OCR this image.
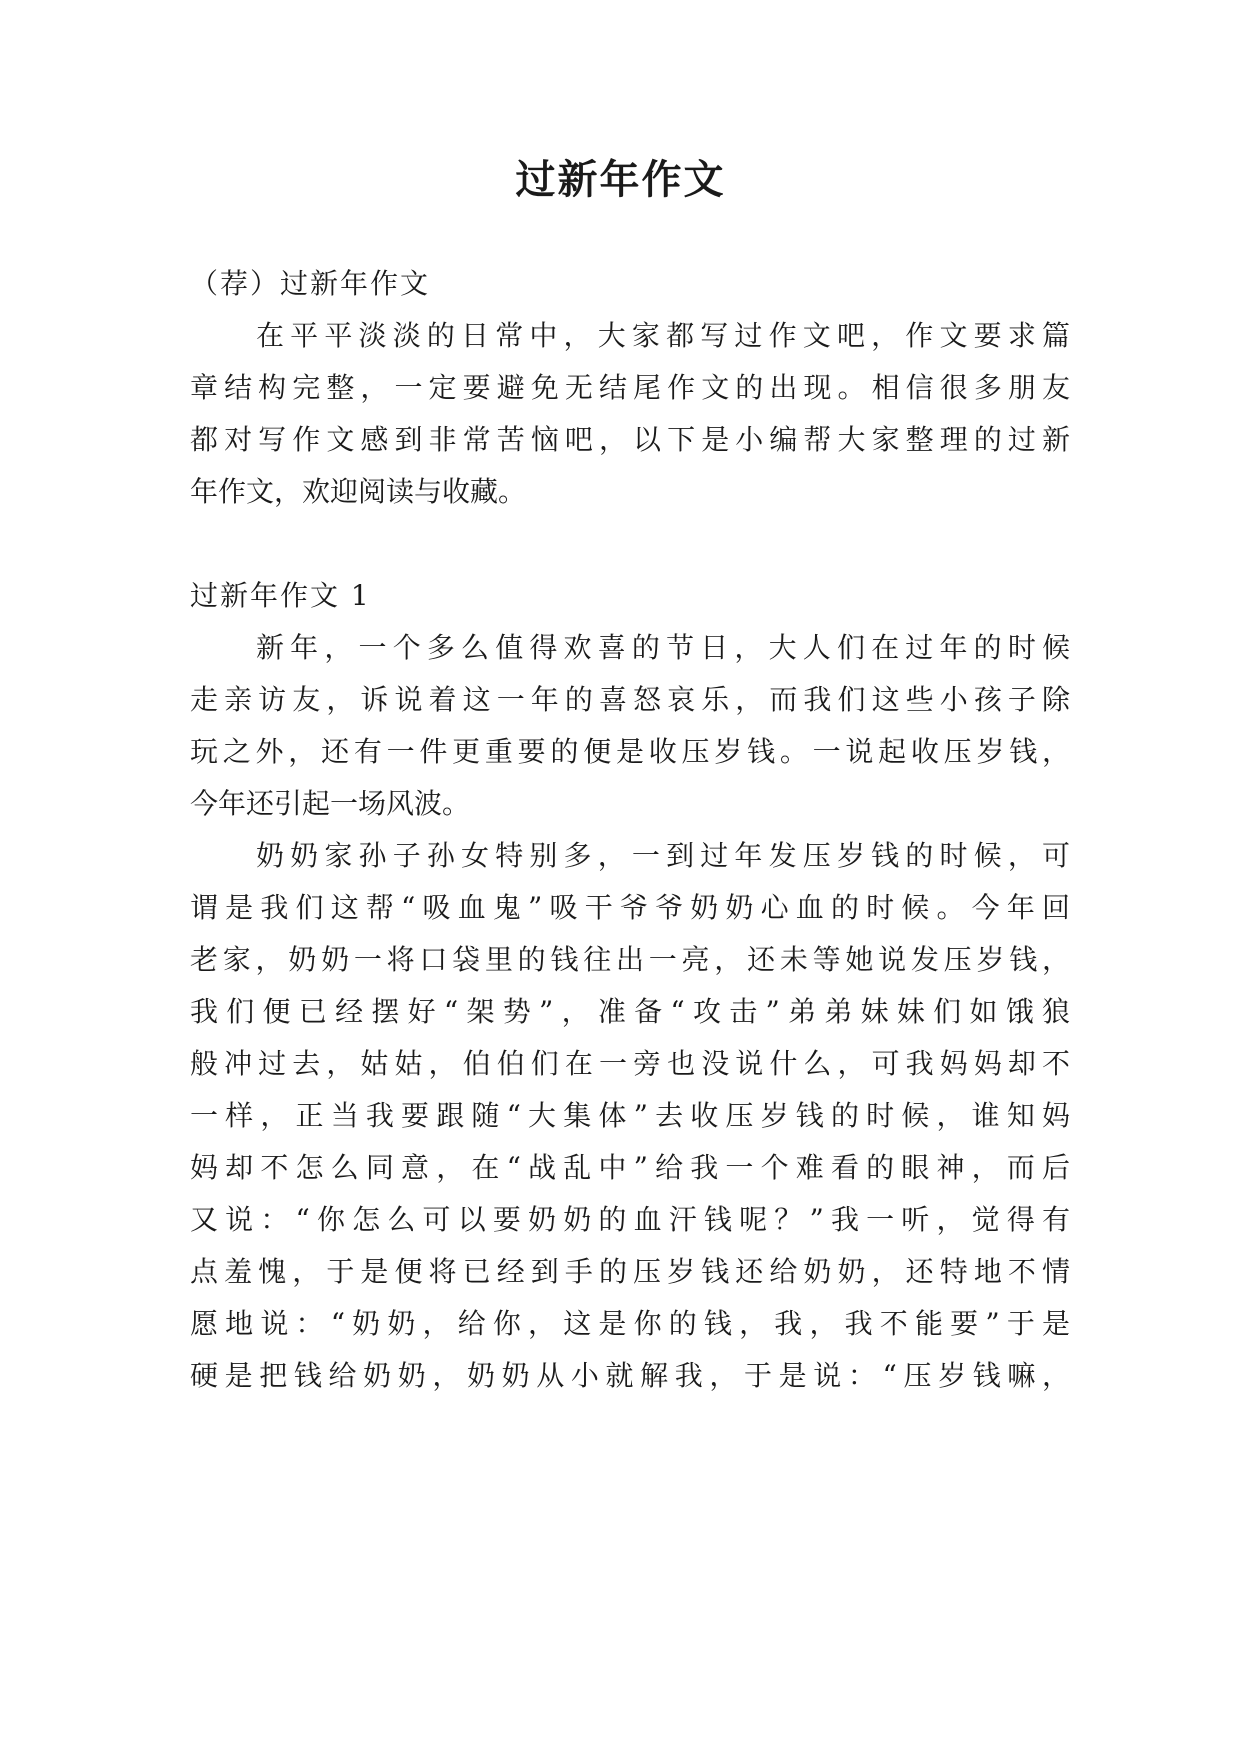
过新年作文
（荐）过新年作文
在平平淡淡的日常中，大家都写过作文吧，作文要求篇
章结构完整，一定要避免无结尾作文的出现。相信很多朋友
都对写作文感到非常苦恼吧，以下是小编帮大家整理的过新
年作文，欢迎阅读与收藏。
过新年作文 1
新年，一个多么值得欢喜的节日，大人们在过年的时候
走亲访友，诉说着这一年的喜怒哀乐，而我们这些小孩子除
玩之外，还有一件更重要的便是收压岁钱。一说起收压岁钱，
今年还引起一场风波。
奶奶家孙子孙女特别多，一到过年发压岁钱的时候，可
谓是我们这帮“吸血鬼”吸干爷爷奶奶心血的时候。今年回
老家，奶奶一将口袋里的钱往出一亮，还未等她说发压岁钱，
我们便已经摆好“架势”，准备“攻击”弟弟妹妹们如饿狼
般冲过去，姑姑，伯伯们在一旁也没说什么，可我妈妈却不
一样，正当我要跟随“大集体”去收压岁钱的时候，谁知妈
妈却不怎么同意，在“战乱中”给我一个难看的眼神，而后
又说：“你怎么可以要奶奶的血汗钱呢？”我一听，觉得有
点羞愧，于是便将已经到手的压岁钱还给奶奶，还特地不情
愿地说：“奶奶，给你，这是你的钱，我，我不能要”于是
硬是把钱给奶奶，奶奶从小就解我，于是说：“压岁钱嘛，
